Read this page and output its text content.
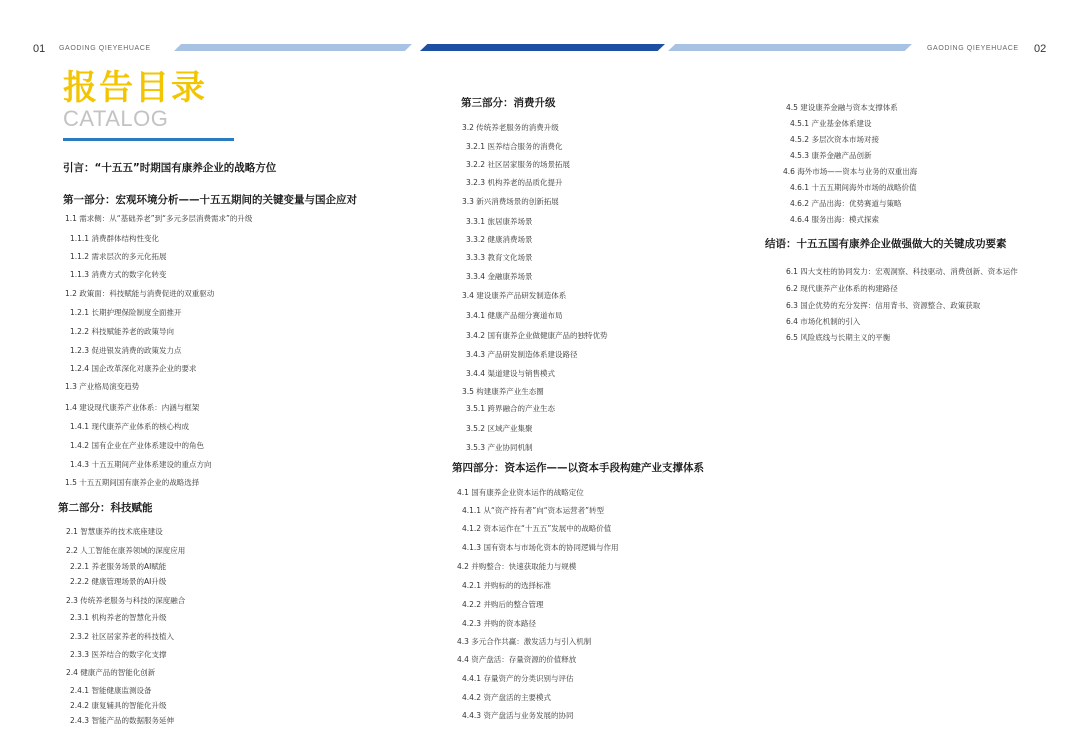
01 GAODING QIEYEHUACE	GAODING QIEYEHUACE 02
报告目录
CATALOG
引言：“十五五”时期国有康养企业的战略方位
第一部分：宏观环境分析——十五五期间的关键变量与国企应对
1.1 需求侧：从“基础养老”到“多元多层消费需求”的升级
1.1.1 消费群体结构性变化
1.1.2 需求层次的多元化拓展
1.1.3 消费方式的数字化转变
1.2 政策面：科技赋能与消费促进的双重驱动
1.2.1 长期护理保险制度全面推开
1.2.2 科技赋能养老的政策导向
1.2.3 促进银发消费的政策发力点
1.2.4 国企改革深化对康养企业的要求
1.3 产业格局演变趋势
1.4 建设现代康养产业体系：内涵与框架
1.4.1 现代康养产业体系的核心构成
1.4.2 国有企业在产业体系建设中的角色
1.4.3 十五五期间产业体系建设的重点方向
1.5 十五五期间国有康养企业的战略选择
第二部分：科技赋能
2.1 智慧康养的技术底座建设
2.2 人工智能在康养领域的深度应用
2.2.1 养老服务场景的AI赋能
2.2.2 健康管理场景的AI升级
2.3 传统养老服务与科技的深度融合
2.3.1 机构养老的智慧化升级
2.3.2 社区居家养老的科技植入
2.3.3 医养结合的数字化支撑
2.4 健康产品的智能化创新
2.4.1 智能健康监测设备
2.4.2 康复辅具的智能化升级
2.4.3 智能产品的数据服务延伸
第三部分：消费升级
3.2 传统养老服务的消费升级
3.2.1 医养结合服务的消费化
3.2.2 社区居家服务的场景拓展
3.2.3 机构养老的品质化提升
3.3 新兴消费场景的创新拓展
3.3.1 旅居康养场景
3.3.2 健康消费场景
3.3.3 教育文化场景
3.3.4 金融康养场景
3.4 建设康养产品研发制造体系
3.4.1 健康产品细分赛道布局
3.4.2 国有康养企业做健康产品的独特优势
3.4.3 产品研发制造体系建设路径
3.4.4 渠道建设与销售模式
3.5 构建康养产业生态圈
3.5.1 跨界融合的产业生态
3.5.2 区域产业集聚
3.5.3 产业协同机制
第四部分：资本运作——以资本手段构建产业支撑体系
4.1 国有康养企业资本运作的战略定位
4.1.1 从“资产持有者”向“资本运营者”转型
4.1.2 资本运作在“十五五”发展中的战略价值
4.1.3 国有资本与市场化资本的协同逻辑与作用
4.2 并购整合：快速获取能力与规模
4.2.1 并购标的的选择标准
4.2.2 并购后的整合管理
4.2.3 并购的资本路径
4.3 多元合作共赢：激发活力与引入机制
4.4 资产盘活：存量资源的价值释放
4.4.1 存量资产的分类识别与评估
4.4.2 资产盘活的主要模式
4.4.3 资产盘活与业务发展的协同
4.5 建设康养金融与资本支撑体系
4.5.1 产业基金体系建设
4.5.2 多层次资本市场对接
4.5.3 康养金融产品创新
4.6 海外市场——资本与业务的双重出海
4.6.1 十五五期间海外市场的战略价值
4.6.2 产品出海：优势赛道与策略
4.6.4 服务出海：模式探索
结语：十五五国有康养企业做强做大的关键成功要素
6.1 四大支柱的协同发力：宏观洞察、科技驱动、消费创新、资本运作
6.2 现代康养产业体系的构建路径
6.3 国企优势的充分发挥：信用背书、资源整合、政策获取
6.4 市场化机制的引入
6.5 风险底线与长期主义的平衡
